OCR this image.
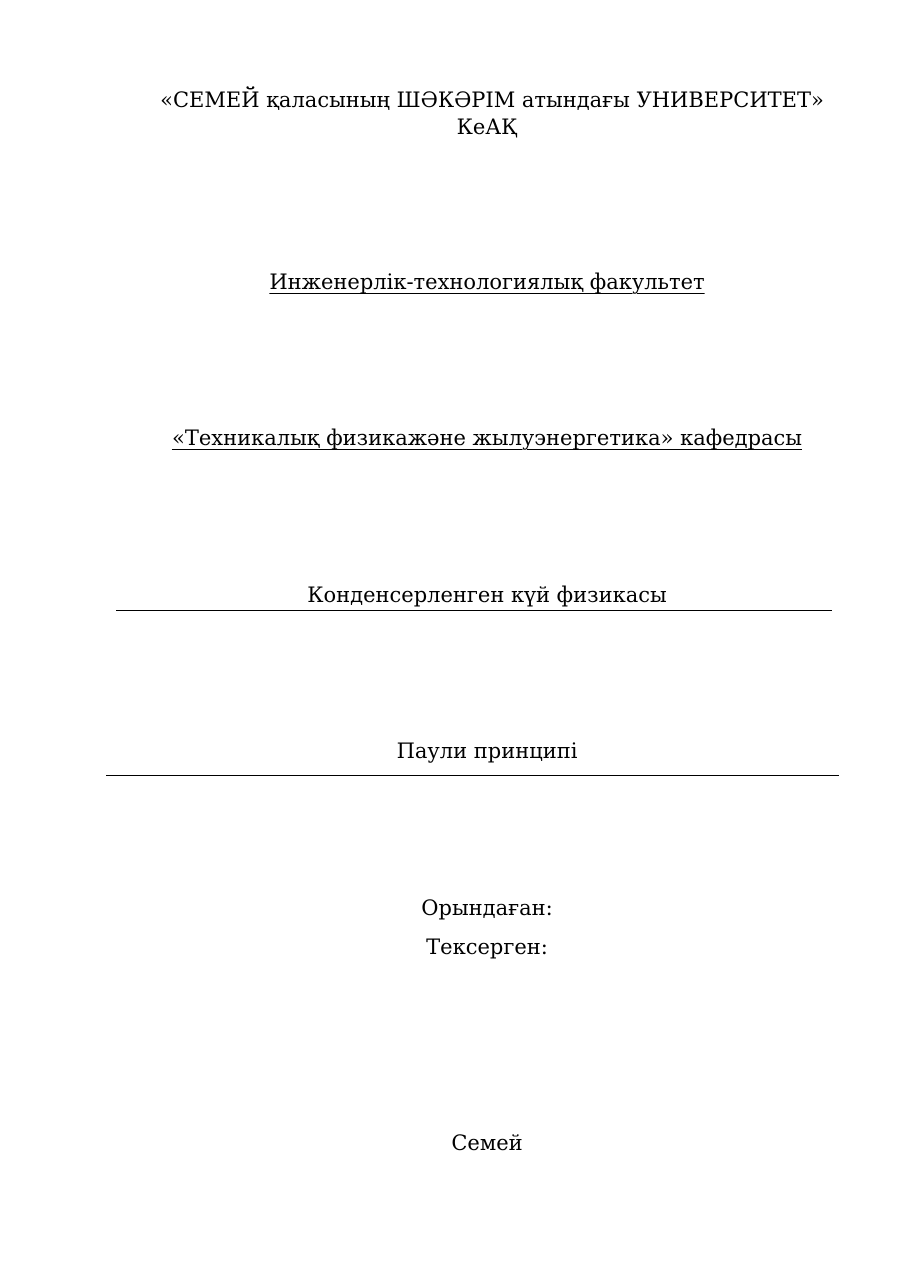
«СЕМЕЙ қаласының ШӘКӘРІМ атындағы УНИВЕРСИТЕТ»
КеАҚ
Инженерлік-технологиялық факультет
«Техникалық физикажәне жылуэнергетика» кафедрасы
Конденсерленген күй физикасы
Паули принципі
Орындаған:
Тексерген:
Семей
